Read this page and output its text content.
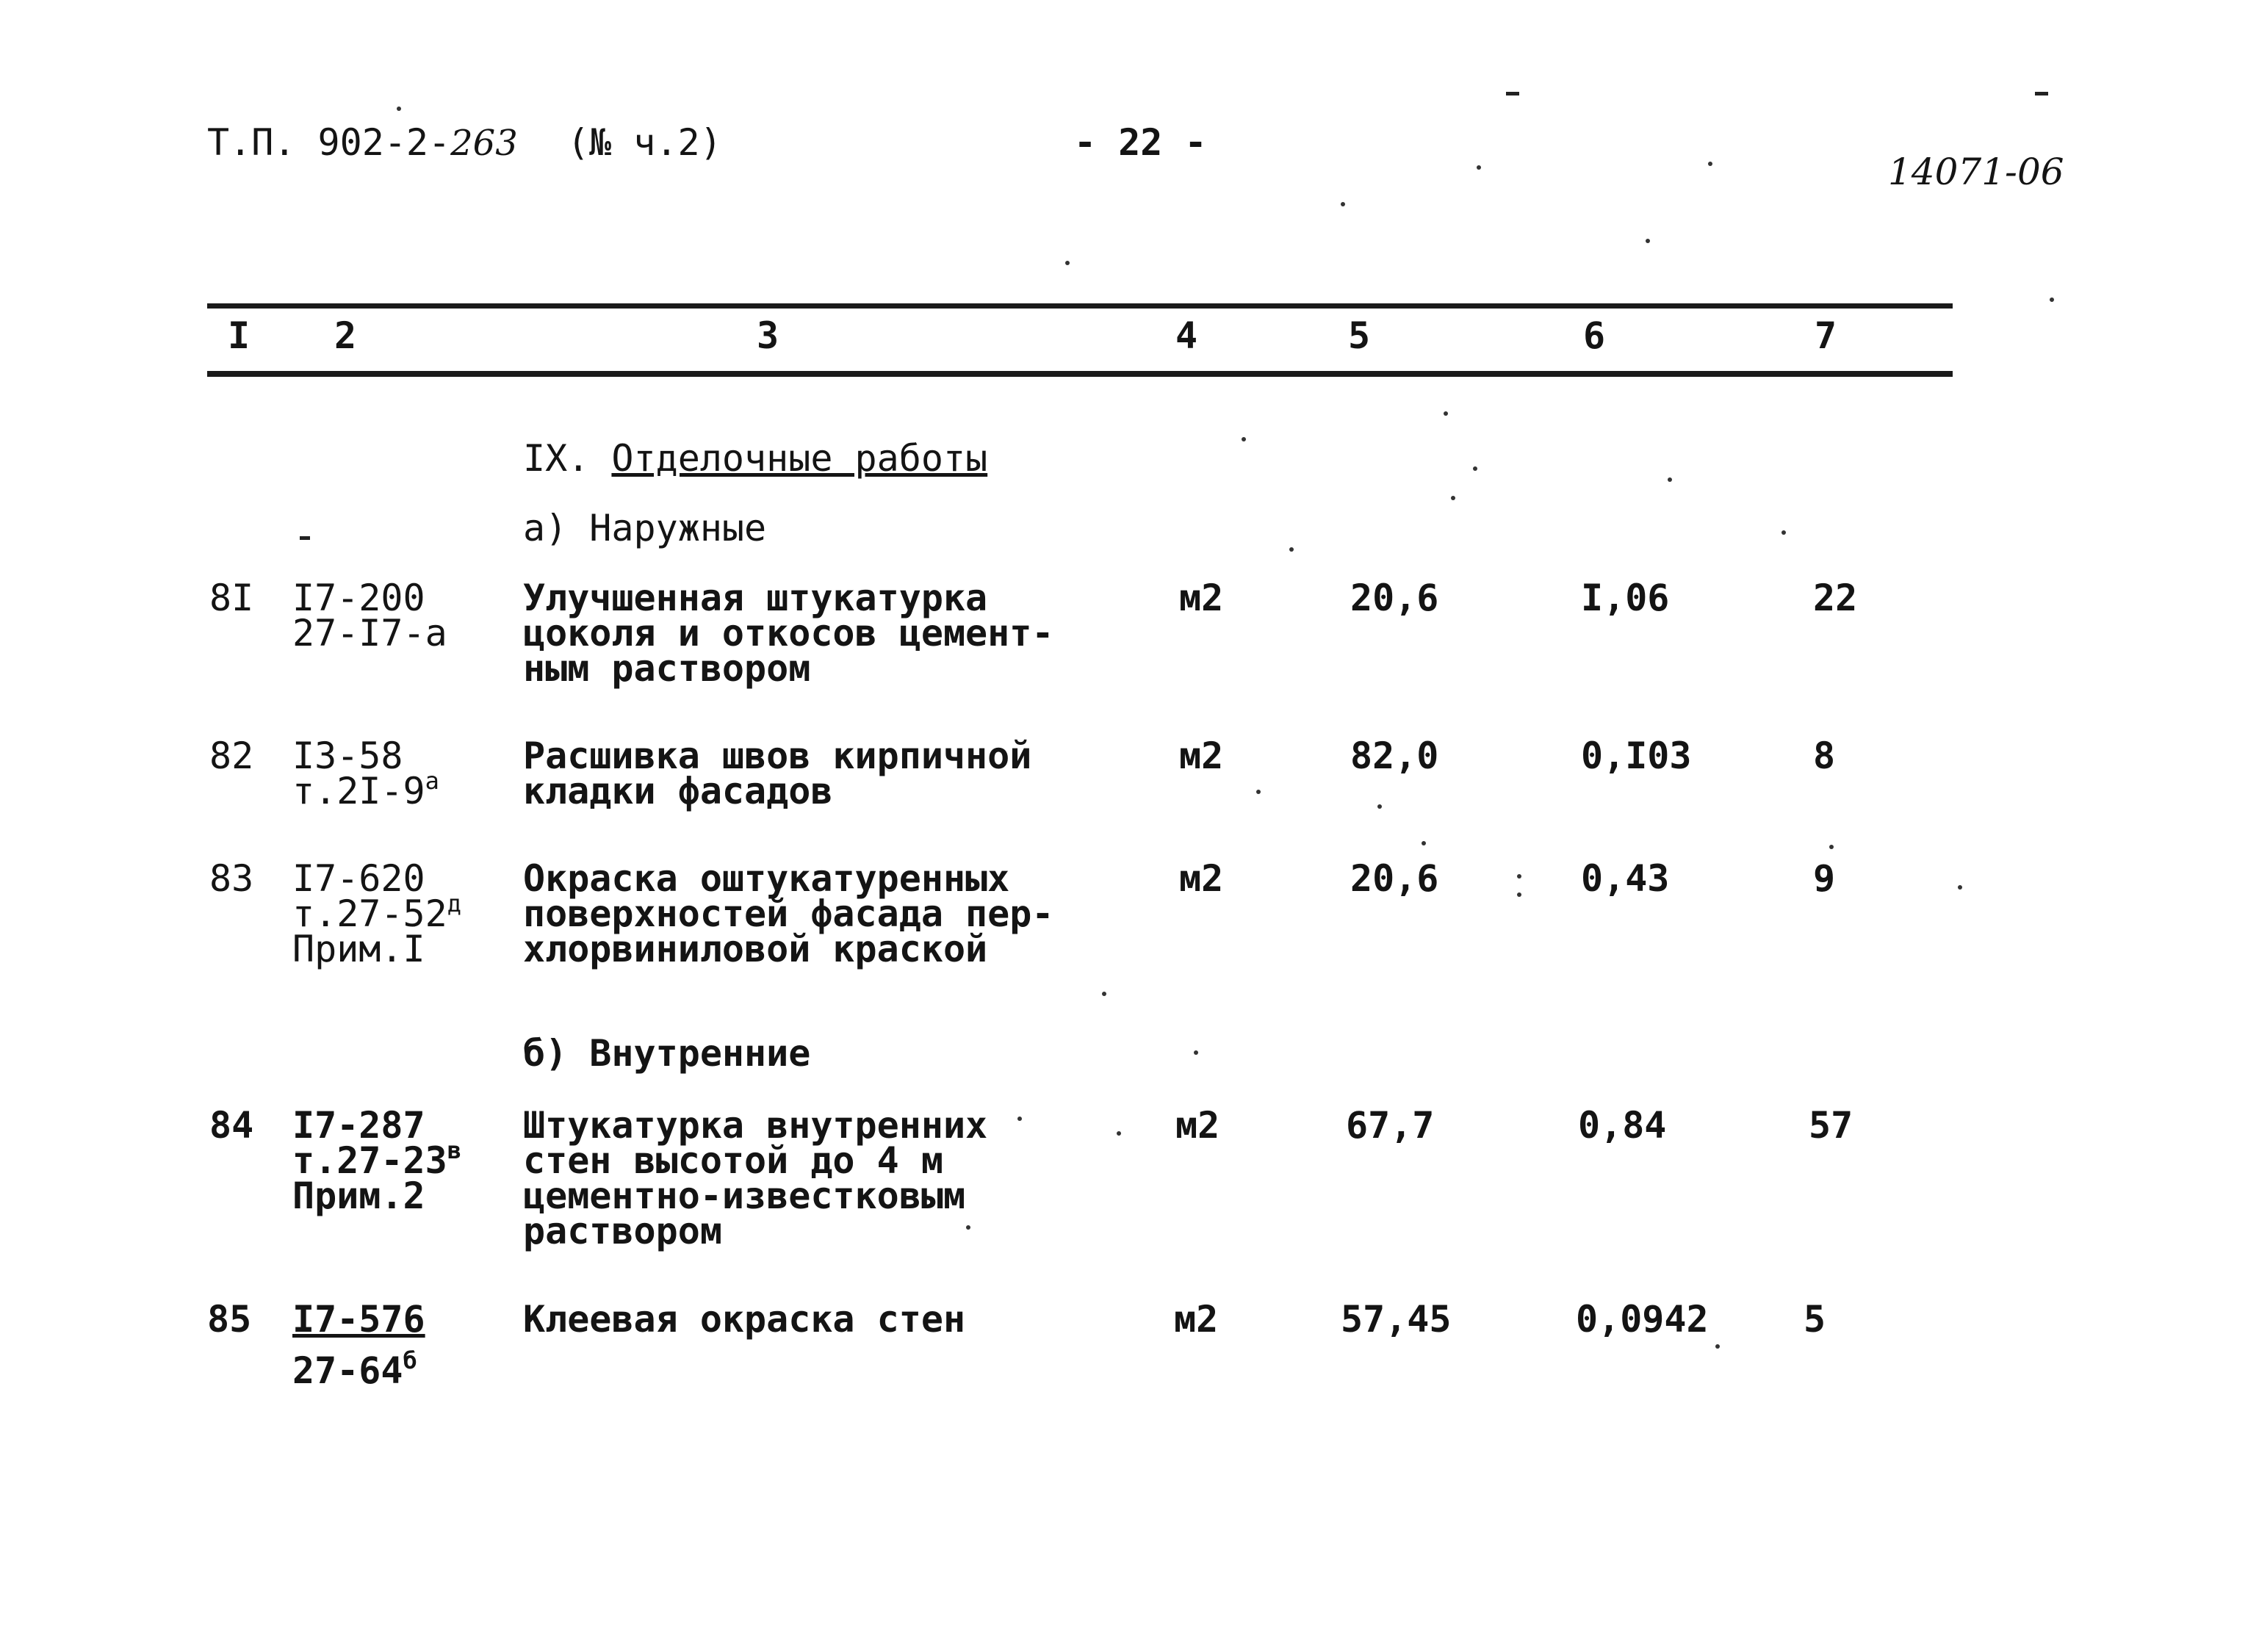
Т.П. 902-2-263 (№ ч.2)	- 22 -
14071-06
I 2	3	4	5	6	7
IX. Отделочные работы
а) Наружные
8I I7-200
27-I7-а
Улучшенная штукатурка
цоколя и откосов цемент-
ным раствором
м2	20,6	I,06	22
82 I3-58
$т.2I-9^а$
Расшивка швов кирпичной
кладки фасадов
м2	82,0	0,I03	8
83 I7-620
$т.27-52^д$
Прим.I
Окраска оштукатуренных
поверхностей фасада пер-
хлорвиниловой краской
м2	20,6	0,43	9
б) Внутренние
84 I7-287
$т.27-23^в$
Прим.2
Штукатурка внутренних
стен высотой до 4 м
цементно-известковым
раствором
м2	67,7	0,84	57
85 I7-576
$27-64^б$
Клеевая окраска стен	м2	57,45	0,0942	5
